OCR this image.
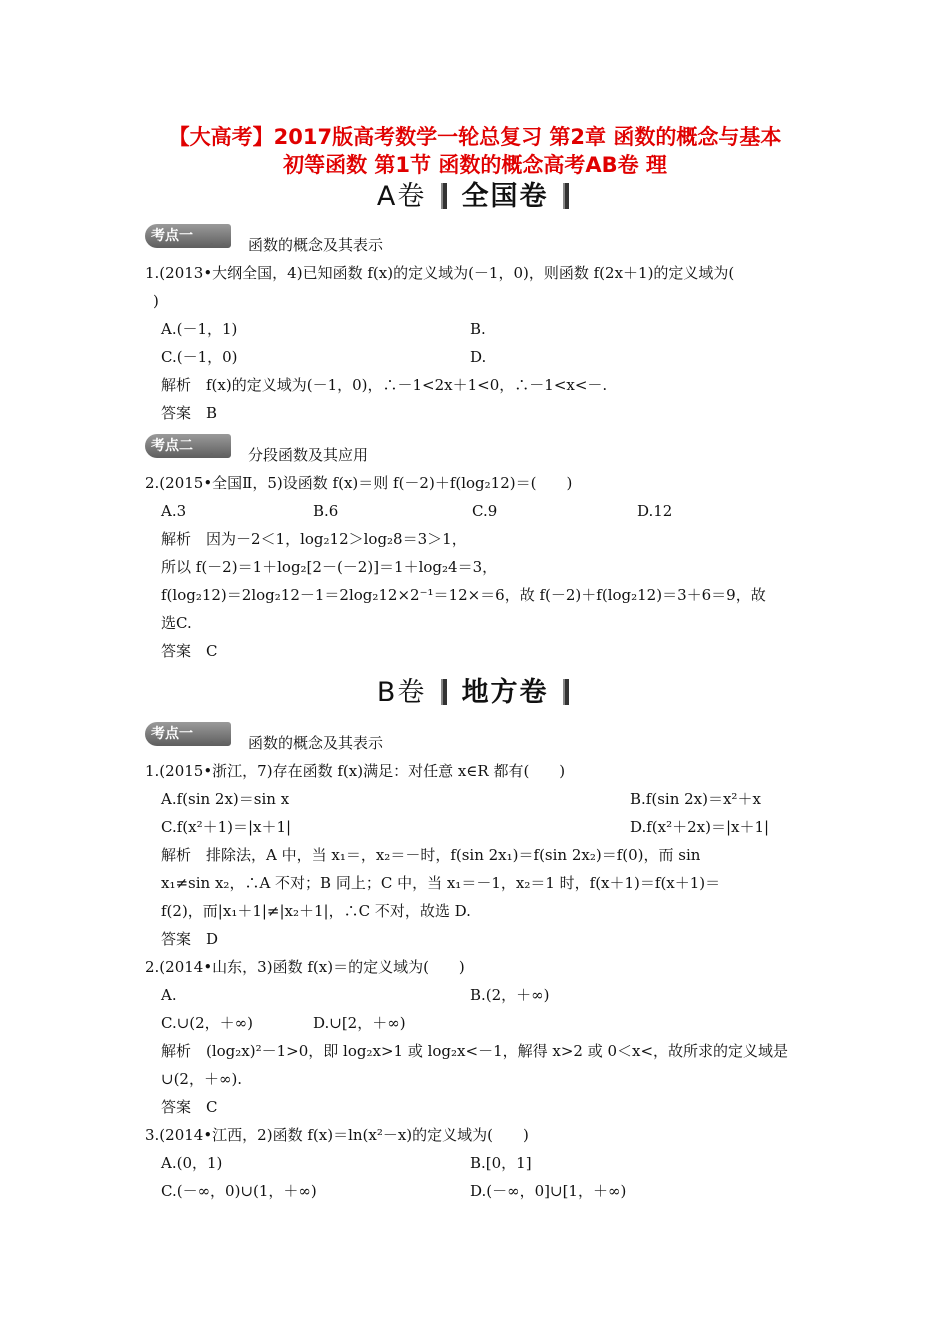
【大高考】2017版高考数学一轮总复习 第2章 函数的概念与基本
初等函数 第1节 函数的概念高考AB卷 理
A卷 全国卷
考点一
• • 函数的概念及其表示
1.(2013•大纲全国，4)已知函数 f(x)的定义域为(－1，0)，则函数 f(2x＋1)的定义域为(
)
A.(－1，1)	B.
C.(－1，0)	D.
解析　f(x)的定义域为(－1，0)，∴－1<2x＋1<0，∴－1<x<－.
答案　B
考点二
• • 分段函数及其应用
2.(2015•全国Ⅱ，5)设函数 f(x)＝则 f(－2)＋f(log₂12)＝(　　)
A.3	B.6	C.9	D.12
解析　因为－2＜1，log₂12＞log₂8＝3＞1，
所以 f(－2)＝1＋log₂[2－(－2)]＝1＋log₂4＝3，
f(log₂12)＝2log₂12－1＝2log₂12×2⁻¹＝12×＝6，故 f(－2)＋f(log₂12)＝3＋6＝9，故
选C.
答案　C
B卷 地方卷
考点一
• • 函数的概念及其表示
1.(2015•浙江，7)存在函数 f(x)满足：对任意 x∈R 都有(　　)
A.f(sin 2x)＝sin x	B.f(sin 2x)＝x²＋x
C.f(x²＋1)＝|x＋1|	D.f(x²＋2x)＝|x＋1|
解析　排除法，A 中，当 x₁＝，x₂＝－时，f(sin 2x₁)＝f(sin 2x₂)＝f(0)，而 sin
x₁≠sin x₂，∴A 不对；B 同上；C 中，当 x₁＝－1，x₂＝1 时，f(x＋1)＝f(x＋1)＝
f(2)，而|x₁＋1|≠|x₂＋1|，∴C 不对，故选 D.
答案　D
2.(2014•山东，3)函数 f(x)＝的定义域为(　　)
A.	B.(2，＋∞)
C.∪(2，＋∞)	D.∪[2，＋∞)
解析　(log₂x)²－1>0，即 log₂x>1 或 log₂x<－1，解得 x>2 或 0＜x<，故所求的定义域是
∪(2，＋∞).
答案　C
3.(2014•江西，2)函数 f(x)＝ln(x²－x)的定义域为(　　)
A.(0，1)	B.[0，1]
C.(－∞，0)∪(1，＋∞)	D.(－∞，0]∪[1，＋∞)
